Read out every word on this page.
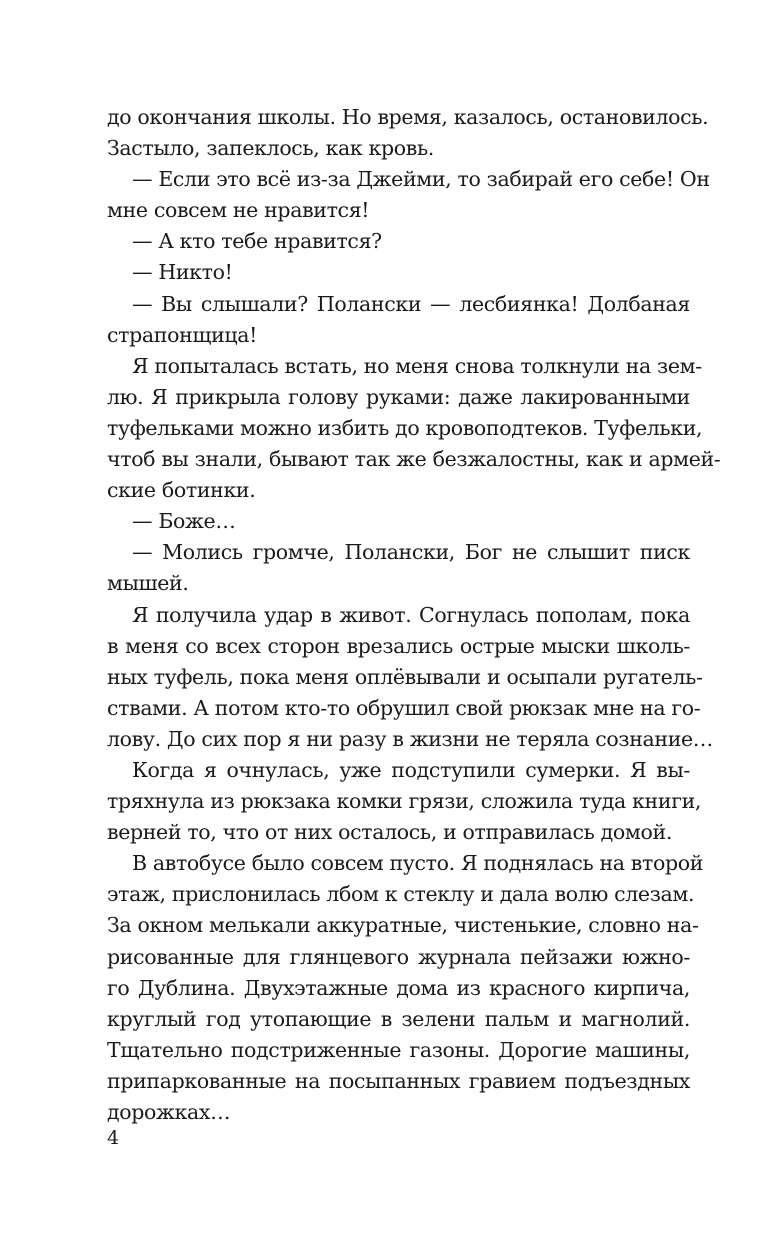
до окончания школы. Но время, казалось, остановилось.
Застыло, запеклось, как кровь.
— Если это всё из-за Джейми, то забирай его себе! Он
мне совсем не нравится!
— А кто тебе нравится?
— Никто!
— Вы слышали? Полански — лесбиянка! Долбаная
страпонщица!
Я попыталась встать, но меня снова толкнули на зем-
лю. Я прикрыла голову руками: даже лакированными
туфельками можно избить до кровоподтеков. Туфельки,
чтоб вы знали, бывают так же безжалостны, как и армей-
ские ботинки.
— Боже…
— Молись громче, Полански, Бог не слышит писк
мышей.
Я получила удар в живот. Согнулась пополам, пока
в меня со всех сторон врезались острые мыски школь-
ных туфель, пока меня оплёвывали и осыпали ругатель-
ствами. А потом кто-то обрушил свой рюкзак мне на го-
лову. До сих пор я ни разу в жизни не теряла сознание…
Когда я очнулась, уже подступили сумерки. Я вы-
тряхнула из рюкзака комки грязи, сложила туда книги,
верней то, что от них осталось, и отправилась домой.
В автобусе было совсем пусто. Я поднялась на второй
этаж, прислонилась лбом к стеклу и дала волю слезам.
За окном мелькали аккуратные, чистенькие, словно на-
рисованные для глянцевого журнала пейзажи южно-
го Дублина. Двухэтажные дома из красного кирпича,
круглый год утопающие в зелени пальм и магнолий.
Тщательно подстриженные газоны. Дорогие машины,
припаркованные на посыпанных гравием подъездных
дорожках…
4
